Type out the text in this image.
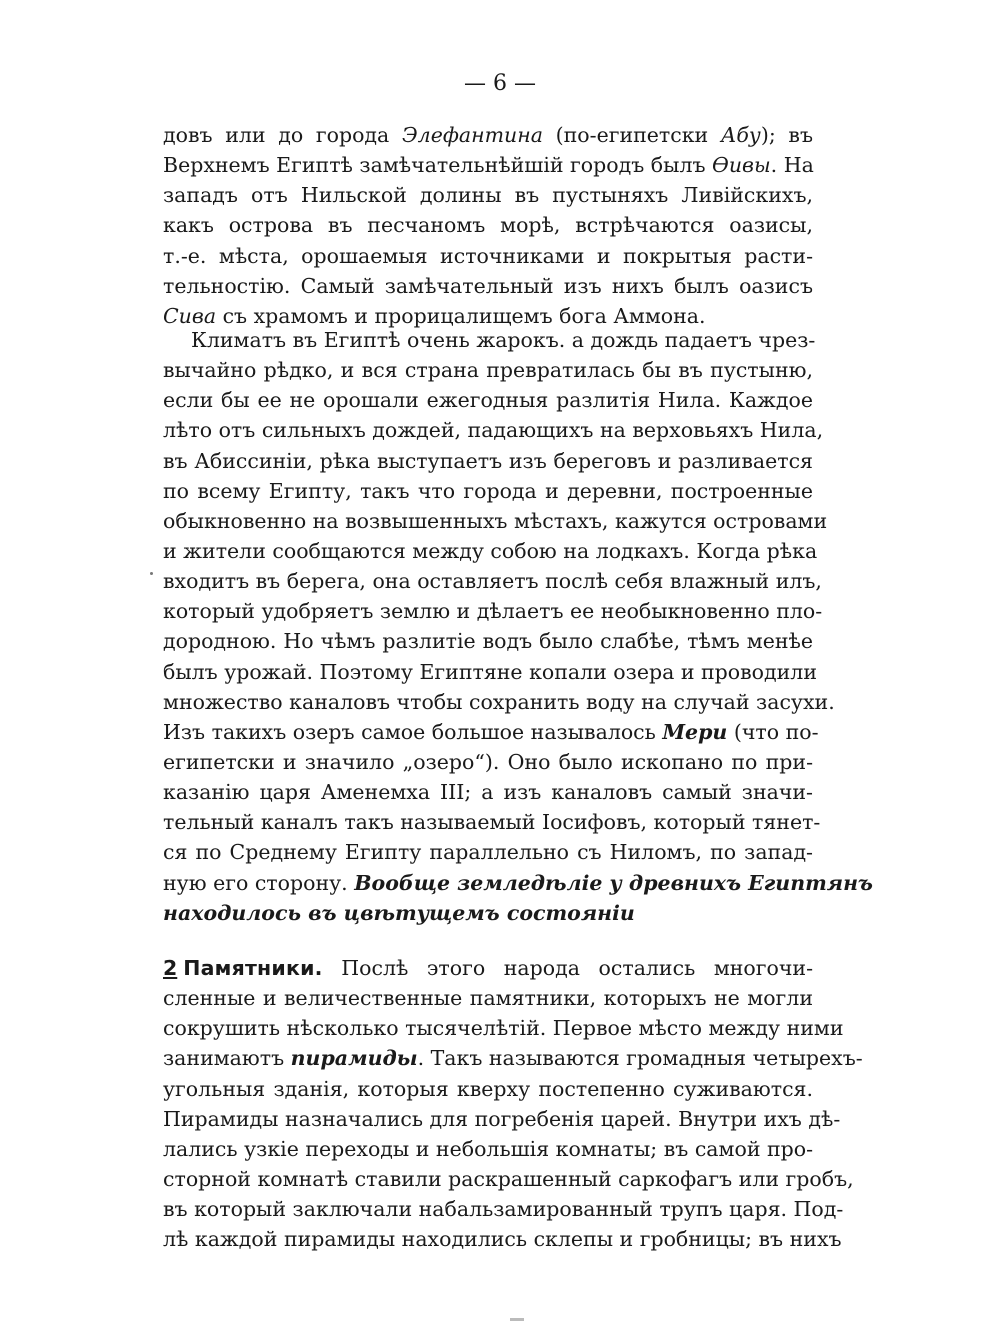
— 6 —
довъ или до города Элефантина (по-египетски Абу); въ
Верхнемъ Египтѣ замѣчательнѣйшій городъ былъ Ѳивы. На
западъ отъ Нильской долины въ пустыняхъ Ливійскихъ,
какъ острова въ песчаномъ морѣ, встрѣчаются оазисы,
т.-е. мѣста, орошаемыя источниками и покрытыя расти-
тельностію. Самый замѣчательный изъ нихъ былъ оазисъ
Сива съ храмомъ и прорицалищемъ бога Аммона.
Климатъ въ Египтѣ очень жарокъ. а дождь падаетъ чрез-
вычайно рѣдко, и вся страна превратилась бы въ пустыню,
если бы ее не орошали ежегодныя разлитія Нила. Каждое
лѣто отъ сильныхъ дождей, падающихъ на верховьяхъ Нила,
въ Абиссиніи, рѣка выступаетъ изъ береговъ и разливается
по всему Египту, такъ что города и деревни, построенные
обыкновенно на возвышенныхъ мѣстахъ, кажутся островами
и жители сообщаются между собою на лодкахъ. Когда рѣка
входитъ въ берега, она оставляетъ послѣ себя влажный илъ,
который удобряетъ землю и дѣлаетъ ее необыкновенно пло-
дородною. Но чѣмъ разлитіе водъ было слабѣе, тѣмъ менѣе
былъ урожай. Поэтому Египтяне копали озера и проводили
множество каналовъ чтобы сохранить воду на случай засухи.
Изъ такихъ озеръ самое большое называлось Мери (что по-
египетски и значило „озеро“). Оно было ископано по при-
казанію царя Аменемха III; а изъ каналовъ самый значи-
тельный каналъ такъ называемый Іосифовъ, который тянет-
ся по Среднему Египту параллельно съ Ниломъ, по запад-
ную его сторону. Вообще земледѣліе у древнихъ Египтянъ
находилось въ цвѣтущемъ состояніи
2 Памятники. Послѣ этого народа остались многочи-
сленные и величественные памятники, которыхъ не могли
сокрушить нѣсколько тысячелѣтій. Первое мѣсто между ними
занимаютъ пирамиды. Такъ называются громадныя четырехъ-
угольныя зданія, которыя кверху постепенно суживаются.
Пирамиды назначались для погребенія царей. Внутри ихъ дѣ-
лались узкіе переходы и небольшія комнаты; въ самой про-
сторной комнатѣ ставили раскрашенный саркофагъ или гробъ,
въ который заключали набальзамированный трупъ царя. Под-
лѣ каждой пирамиды находились склепы и гробницы; въ нихъ
